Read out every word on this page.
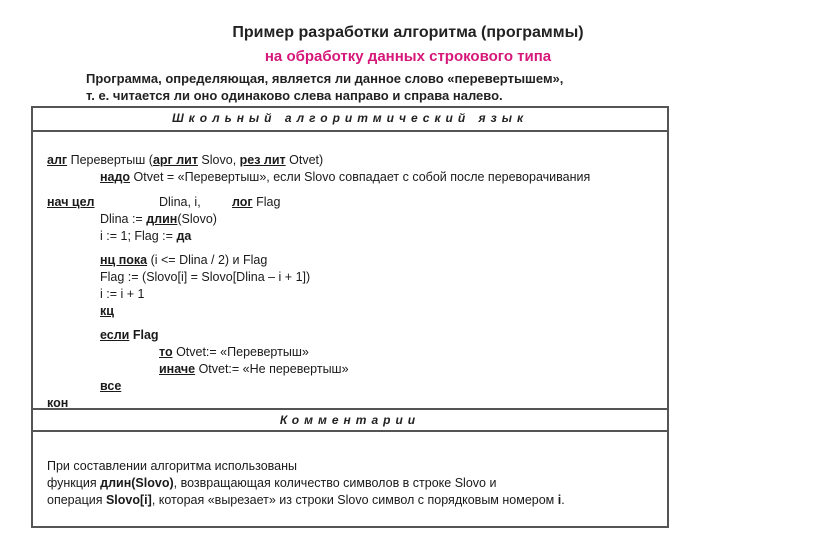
Пример разработки алгоритма (программы)
на обработку данных строкового типа
Программа, определяющая, является ли данное слово «перевертышем»,
т. е. читается ли оно одинаково слева направо и справа налево.
Школьный алгоритмический язык
алг Перевертыш (арг лит Slovo, рез лит Otvet)
надо Otvet = «Перевертыш», если Slovo совпадает с собой после переворачивания
нач цел	Dlina, i,	лог Flag
Dlina := длин(Slovo)
i := 1; Flag := да
нц пока (i <= Dlina / 2) и Flag
Flag := (Slovo[i] = Slovo[Dlina – i + 1])
i := i + 1
кц
если Flag
то Otvet:= «Перевертыш»
иначе Otvet:= «Не перевертыш»
все
кон
Комментарии
При составлении алгоритма использованы
функция длин(Slovo), возвращающая количество символов в строке Slovo и
операция Slovo[i], которая «вырезает» из строки Slovo символ с порядковым номером i.
